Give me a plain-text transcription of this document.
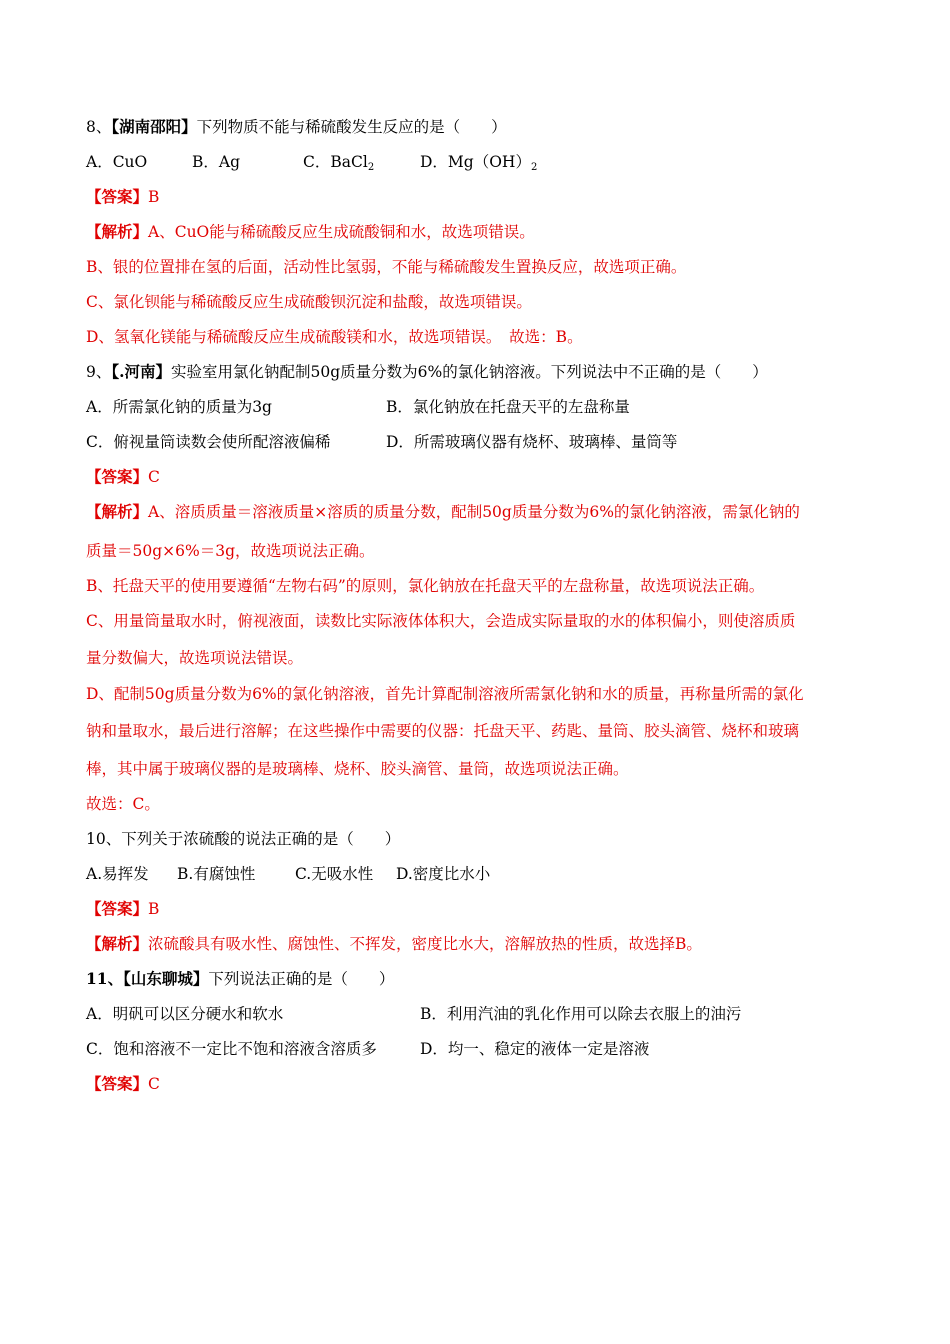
8、【湖南邵阳】下列物质不能与稀硫酸发生反应的是（　　）
A．CuO	B．Ag	C．BaCl$_2$	D．$Mg(OH)_2$
【答案】B
【解析】A、CuO能与稀硫酸反应生成硫酸铜和水，故选项错误。
B、银的位置排在氢的后面，活动性比氢弱，不能与稀硫酸发生置换反应，故选项正确。
C、氯化钡能与稀硫酸反应生成硫酸钡沉淀和盐酸，故选项错误。
D、氢氧化镁能与稀硫酸反应生成硫酸镁和水，故选项错误。　故选：B。
9、【.河南】实验室用氯化钠配制50g质量分数为6%的氯化钠溶液。下列说法中不正确的是（　　）
A．所需氯化钠的质量为3g	B．氯化钠放在托盘天平的左盘称量
C．俯视量筒读数会使所配溶液偏稀	D．所需玻璃仪器有烧杯、玻璃棒、量筒等
【答案】C
【解析】A、溶质质量＝溶液质量×溶质的质量分数，配制50g质量分数为6%的氯化钠溶液，需氯化钠的
质量＝50g×6%＝3g，故选项说法正确。
B、托盘天平的使用要遵循“左物右码”的原则，氯化钠放在托盘天平的左盘称量，故选项说法正确。
C、用量筒量取水时，俯视液面，读数比实际液体体积大，会造成实际量取的水的体积偏小，则使溶质质
量分数偏大，故选项说法错误。
D、配制50g质量分数为6%的氯化钠溶液，首先计算配制溶液所需氯化钠和水的质量，再称量所需的氯化
钠和量取水，最后进行溶解；在这些操作中需要的仪器：托盘天平、药匙、量筒、胶头滴管、烧杯和玻璃
棒，其中属于玻璃仪器的是玻璃棒、烧杯、胶头滴管、量筒，故选项说法正确。
故选：C。
10、下列关于浓硫酸的说法正确的是（　　）
A.易挥发 B.有腐蚀性	C.无吸水性 D.密度比水小
【答案】B
【解析】浓硫酸具有吸水性、腐蚀性、不挥发，密度比水大，溶解放热的性质，故选择B。
11、【山东聊城】下列说法正确的是（　　）
A．明矾可以区分硬水和软水	B．利用汽油的乳化作用可以除去衣服上的油污
C．饱和溶液不一定比不饱和溶液含溶质多	D．均一、稳定的液体一定是溶液
【答案】C
